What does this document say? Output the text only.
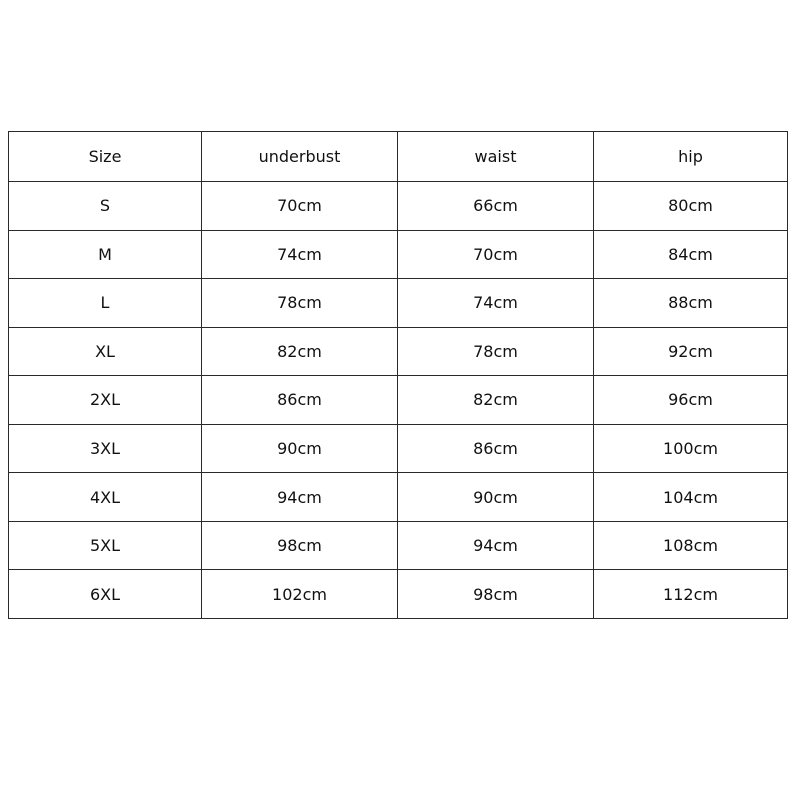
Size	underbust	waist	hip
S	70cm	66cm	80cm
M	74cm	70cm	84cm
L	78cm	74cm	88cm
XL	82cm	78cm	92cm
2XL	86cm	82cm	96cm
3XL	90cm	86cm	100cm
4XL	94cm	90cm	104cm
5XL	98cm	94cm	108cm
6XL	102cm	98cm	112cm
